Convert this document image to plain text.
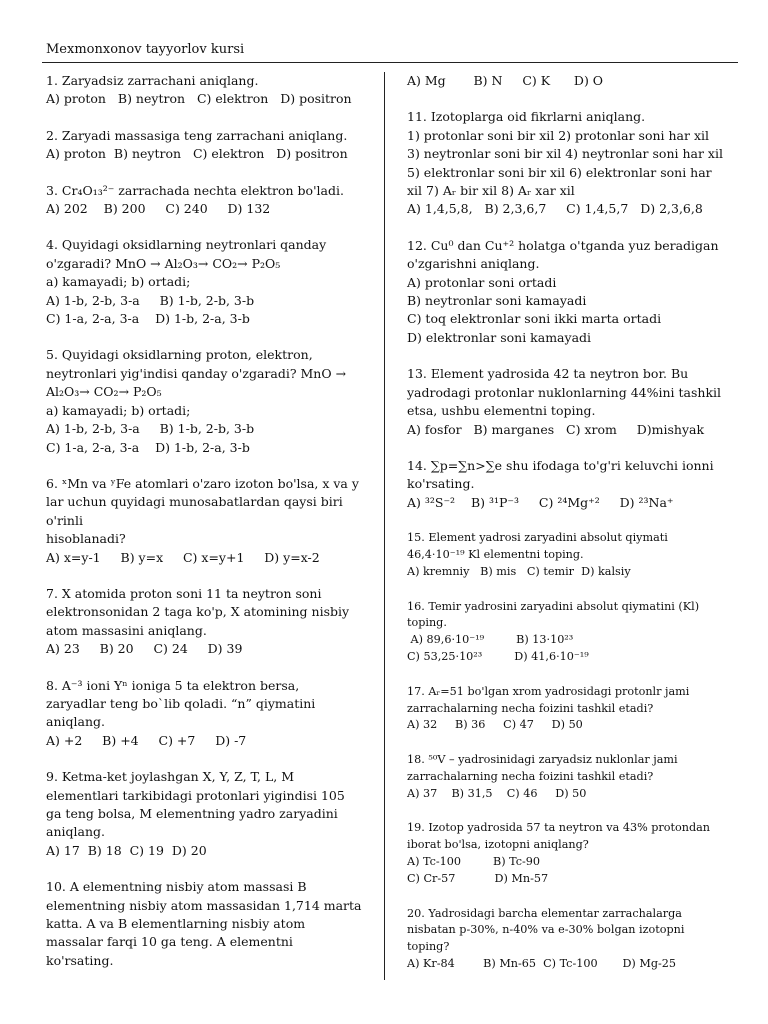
Mexmonxonov tayyorlov kursi

1. Zaryadsiz zarrachani aniqlang.

A) proton   B) neytron   C) elektron   D) positron

2. Zaryadi massasiga teng zarrachani aniqlang.

A) proton  B) neytron   C) elektron   D) positron

3. Cr₄O₁₃²⁻ zarrachada nechta elektron bo'ladi.

A) 202    B) 200     C) 240     D) 132

4. Quyidagi oksidlarning neytronlari qanday o'zgaradi? MnO → Al₂O₃→ CO₂→ P₂O₅

a) kamayadi; b) ortadi;

A) 1-b, 2-b, 3-a     B) 1-b, 2-b, 3-b

C) 1-a, 2-a, 3-a    D) 1-b, 2-a, 3-b

5. Quyidagi oksidlarning proton, elektron, neytronlari yig'indisi qanday o'zgaradi? MnO → Al₂O₃→ CO₂→ P₂O₅

a) kamayadi; b) ortadi;

A) 1-b, 2-b, 3-a     B) 1-b, 2-b, 3-b

C) 1-a, 2-a, 3-a    D) 1-b, 2-a, 3-b

6. ˣMn va ʸFe atomlari o'zaro izoton bo'lsa, x va y lar uchun quyidagi munosabatlardan qaysi biri o'rinli

hisoblanadi?

A) x=y-1     B) y=x     C) x=y+1     D) y=x-2

7. X atomida proton soni 11 ta neytron soni elektronsonidan 2 taga ko'p, X atomining nisbiy atom massasini aniqlang.

A) 23     B) 20     C) 24     D) 39

8. A⁻³ ioni Yⁿ ioniga 5 ta elektron bersa, zaryadlar teng bo`lib qoladi. “n” qiymatini aniqlang.

A) +2     B) +4     C) +7     D) -7

9. Ketma-ket joylashgan X, Y, Z, T, L, M elementlari tarkibidagi protonlari yigindisi 105 ga teng bolsa, M elementning yadro zaryadini aniqlang.

A) 17  B) 18  C) 19  D) 20

10. A elementning nisbiy atom massasi B elementning nisbiy atom massasidan 1,714 marta katta. A va B elementlarning nisbiy atom massalar farqi 10 ga teng. A elementni ko'rsating.

A) Mg       B) N     C) K      D) O

11. Izotoplarga oid fikrlarni aniqlang.

1) protonlar soni bir xil 2) protonlar soni har xil 3) neytronlar soni bir xil 4) neytronlar soni har xil 5) elektronlar soni bir xil 6) elektronlar soni har xil 7) Aᵣ bir xil 8) Aᵣ xar xil

A) 1,4,5,8,   B) 2,3,6,7     C) 1,4,5,7   D) 2,3,6,8

12. Cu⁰ dan Cu⁺² holatga o'tganda yuz beradigan o'zgarishni aniqlang.

A) protonlar soni ortadi

B) neytronlar soni kamayadi

C) toq elektronlar soni ikki marta ortadi

D) elektronlar soni kamayadi

13. Element yadrosida 42 ta neytron bor. Bu yadrodagi protonlar nuklonlarning 44%ini tashkil etsa, ushbu elementni toping.

A) fosfor   B) marganes   C) xrom     D)mishyak

14. ∑p=∑n>∑e shu ifodaga to'g'ri keluvchi ionni ko'rsating.

A) ³²S⁻²    B) ³¹P⁻³     C) ²⁴Mg⁺²     D) ²³Na⁺

15. Element yadrosi zaryadini absolut qiymati 46,4·10⁻¹⁹ Kl elementni toping.

A) kremniy   B) mis   C) temir  D) kalsiy

16. Temir yadrosini zaryadini absolut qiymatini (Kl) toping.

A) 89,6·10⁻¹⁹         B) 13·10²³

C) 53,25·10²³         D) 41,6·10⁻¹⁹

17. Aᵣ=51 bo'lgan xrom yadrosidagi protonlr jami zarrachalarning necha foizini tashkil etadi?

A) 32     B) 36     C) 47     D) 50

18. ⁵⁰V – yadrosinidagi zaryadsiz nuklonlar jami zarrachalarning necha foizini tashkil etadi?

A) 37    B) 31,5    C) 46     D) 50

19. Izotop yadrosida 57 ta neytron va 43% protondan iborat bo'lsa, izotopni aniqlang?

A) Tc-100         B) Tc-90

C) Cr-57           D) Mn-57

20. Yadrosidagi barcha elementar zarrachalarga nisbatan p-30%, n-40% va e-30% bolgan izotopni toping?

A) Kr-84        B) Mn-65  C) Tc-100       D) Mg-25
